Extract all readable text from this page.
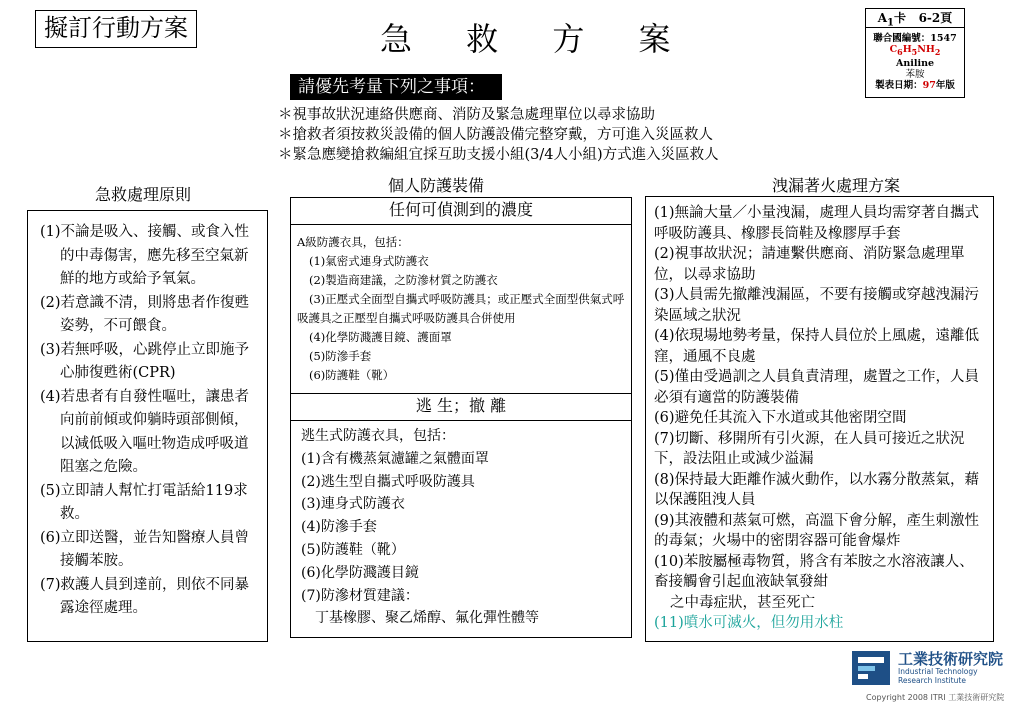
擬訂行動方案	急 救 方 案
$A_1$卡 6-2頁
聯合國編號：1547
$C_6H_5NH_2$
Aniline
苯胺
製表日期：97年版
請優先考量下列之事項：
＊視事故狀況連絡供應商、消防及緊急處理單位以尋求協助
＊搶救者須按救災設備的個人防護設備完整穿戴，方可進入災區救人
＊緊急應變搶救編組宜採互助支援小組(3/4人小組)方式進入災區救人
急救處理原則	個人防護裝備	洩漏著火處理方案
(1)不論是吸入、接觸、或食入性的中毒傷害，應先移至空氣新鮮的地方或給予氧氣。
(2)若意識不清，則將患者作復甦姿勢，不可餵食。
(3)若無呼吸，心跳停止立即施予心肺復甦術(CPR)
(4)若患者有自發性嘔吐，讓患者向前前傾或仰躺時頭部側傾，以減低吸入嘔吐物造成呼吸道阻塞之危險。
(5)立即請人幫忙打電話給119求救。
(6)立即送醫，並告知醫療人員曾接觸苯胺。
(7)救護人員到達前，則依不同暴露途徑處理。
任何可偵測到的濃度
A級防護衣具，包括：
(1)氣密式連身式防護衣
(2)製造商建議，之防滲材質之防護衣
(3)正壓式全面型自攜式呼吸防護具；或正壓式全面型供氣式呼吸護具之正壓型自攜式呼吸防護具合併使用
(4)化學防濺護目鏡、護面罩
(5)防滲手套
(6)防護鞋（靴）
逃 生；撤 離
逃生式防護衣具，包括：
(1)含有機蒸氣濾罐之氣體面罩
(2)逃生型自攜式呼吸防護具
(3)連身式防護衣
(4)防滲手套
(5)防護鞋（靴）
(6)化學防濺護目鏡
(7)防滲材質建議：
丁基橡膠、聚乙烯醇、氟化彈性體等
(1)無論大量／小量洩漏，處理人員均需穿著自攜式呼吸防護具、橡膠長筒鞋及橡膠厚手套
(2)視事故狀況；請連繫供應商、消防緊急處理單位，以尋求協助
(3)人員需先撤離洩漏區，不要有接觸或穿越洩漏污染區域之狀況
(4)依現場地勢考量，保持人員位於上風處，遠離低窪，通風不良處
(5)僅由受過訓之人員負責清理，處置之工作，人員必須有適當的防護裝備
(6)避免任其流入下水道或其他密閉空間
(7)切斷、移開所有引火源，在人員可接近之狀況下，設法阻止或減少溢漏
(8)保持最大距離作滅火動作，以水霧分散蒸氣，藉以保護阻洩人員
(9)其液體和蒸氣可燃，高溫下會分解，產生刺激性的毒氣；火場中的密閉容器可能會爆炸
(10)苯胺屬極毒物質，將含有苯胺之水溶液讓人、畜接觸會引起血液缺氧發紺
之中毒症狀，甚至死亡
(11)噴水可滅火，但勿用水柱
工業技術研究院
Industrial Technology
Research Institute
Copyright 2008 ITRI 工業技術研究院
